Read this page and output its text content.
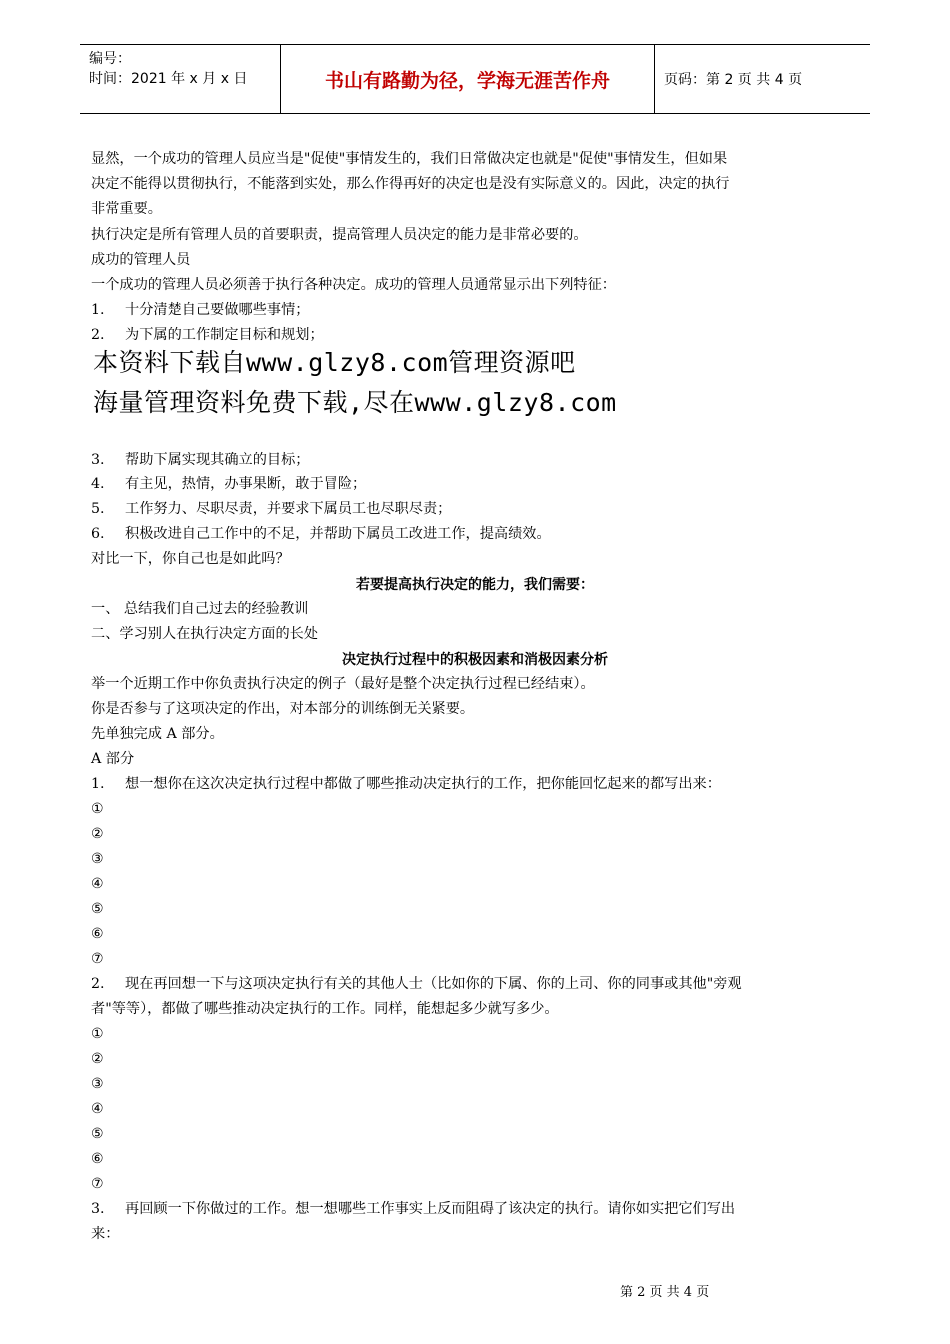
编号：
时间：2021 年 x 月 x 日	书山有路勤为径，学海无涯苦作舟	页码：第 2 页 共 4 页
显然，一个成功的管理人员应当是"促使"事情发生的，我们日常做决定也就是"促使"事情发生，但如果
决定不能得以贯彻执行，不能落到实处，那么作得再好的决定也是没有实际意义的。因此，决定的执行
非常重要。
执行决定是所有管理人员的首要职责，提高管理人员决定的能力是非常必要的。
成功的管理人员
一个成功的管理人员必须善于执行各种决定。成功的管理人员通常显示出下列特征：
1. 十分清楚自己要做哪些事情；
2. 为下属的工作制定目标和规划；
本资料下载自www.glzy8.com管理资源吧
海量管理资料免费下载,尽在www.glzy8.com
3. 帮助下属实现其确立的目标；
4. 有主见，热情，办事果断，敢于冒险；
5. 工作努力、尽职尽责，并要求下属员工也尽职尽责；
6. 积极改进自己工作中的不足，并帮助下属员工改进工作，提高绩效。
对比一下，你自己也是如此吗？
若要提高执行决定的能力，我们需要：
一、 总结我们自己过去的经验教训
二、学习别人在执行决定方面的长处
决定执行过程中的积极因素和消极因素分析
举一个近期工作中你负责执行决定的例子（最好是整个决定执行过程已经结束）。
你是否参与了这项决定的作出，对本部分的训练倒无关紧要。
先单独完成 A 部分。
A 部分
1. 想一想你在这次决定执行过程中都做了哪些推动决定执行的工作，把你能回忆起来的都写出来：
①
②
③
④
⑤
⑥
⑦
2. 现在再回想一下与这项决定执行有关的其他人士（比如你的下属、你的上司、你的同事或其他"旁观
者"等等），都做了哪些推动决定执行的工作。同样，能想起多少就写多少。
①
②
③
④
⑤
⑥
⑦
3. 再回顾一下你做过的工作。想一想哪些工作事实上反而阻碍了该决定的执行。请你如实把它们写出
来：
第 2 页 共 4 页
